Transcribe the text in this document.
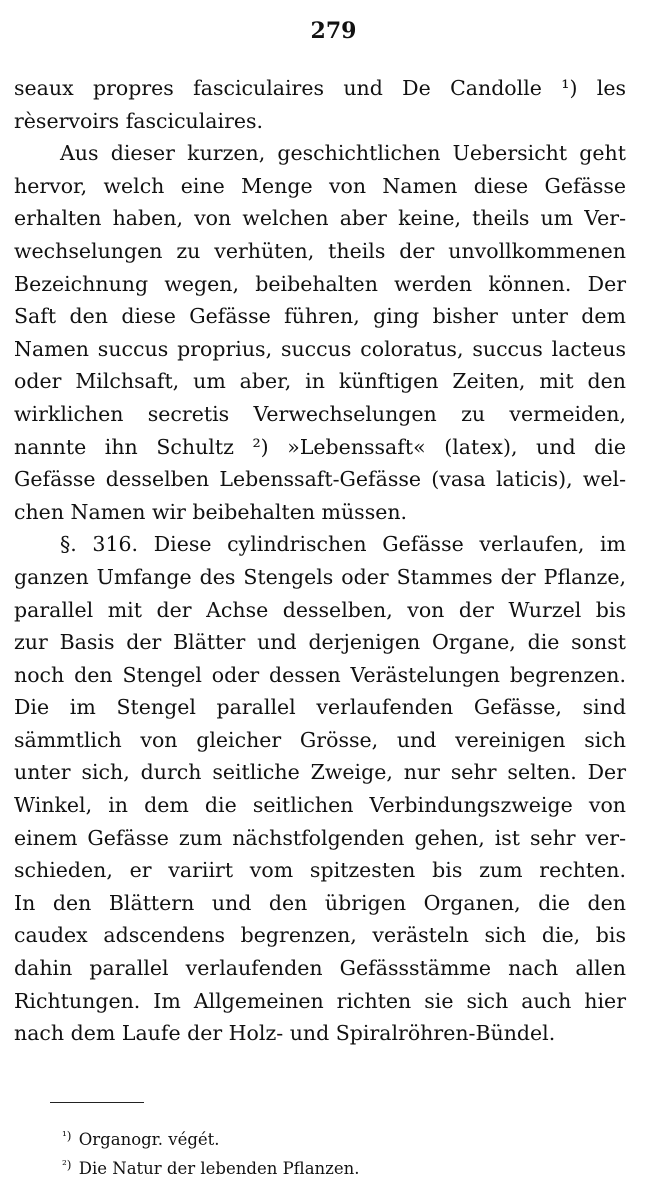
279
seaux propres fasciculaires und De Candolle ¹) les
rèservoirs fasciculaires.
Aus dieser kurzen, geschichtlichen Uebersicht geht
hervor, welch eine Menge von Namen diese Gefässe
erhalten haben, von welchen aber keine, theils um Ver-
wechselungen zu verhüten, theils der unvollkommenen
Bezeichnung wegen, beibehalten werden können. Der
Saft den diese Gefässe führen, ging bisher unter dem
Namen succus proprius, succus coloratus, succus lacteus
oder Milchsaft, um aber, in künftigen Zeiten, mit den
wirklichen secretis Verwechselungen zu vermeiden,
nannte ihn Schultz ²) »Lebenssaft« (latex), und die
Gefässe desselben Lebenssaft-Gefässe (vasa laticis), wel-
chen Namen wir beibehalten müssen.
§. 316. Diese cylindrischen Gefässe verlaufen, im
ganzen Umfange des Stengels oder Stammes der Pflanze,
parallel mit der Achse desselben, von der Wurzel bis
zur Basis der Blätter und derjenigen Organe, die sonst
noch den Stengel oder dessen Verästelungen begrenzen.
Die im Stengel parallel verlaufenden Gefässe, sind
sämmtlich von gleicher Grösse, und vereinigen sich
unter sich, durch seitliche Zweige, nur sehr selten. Der
Winkel, in dem die seitlichen Verbindungszweige von
einem Gefässe zum nächstfolgenden gehen, ist sehr ver-
schieden, er variirt vom spitzesten bis zum rechten.
In den Blättern und den übrigen Organen, die den
caudex adscendens begrenzen, verästeln sich die, bis
dahin parallel verlaufenden Gefässstämme nach allen
Richtungen. Im Allgemeinen richten sie sich auch hier
nach dem Laufe der Holz- und Spiralröhren-Bündel.
$^{^1)}$ Organogr. végét.
$^{^2)}$ Die Natur der lebenden Pflanzen.
